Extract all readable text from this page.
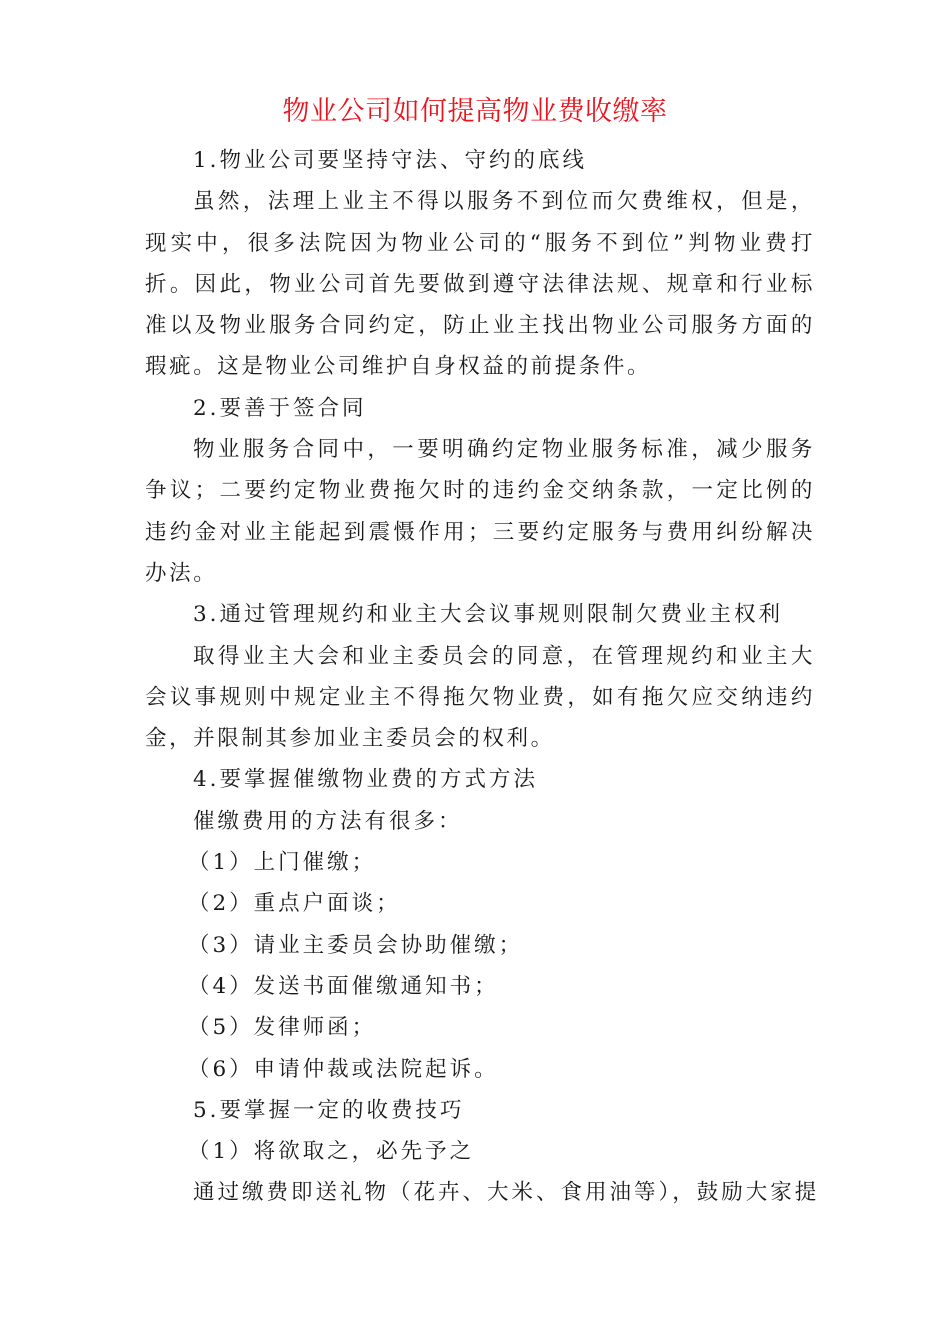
物业公司如何提高物业费收缴率

1.物业公司要坚持守法、守约的底线

虽然，法理上业主不得以服务不到位而欠费维权，但是，现实中，很多法院因为物业公司的“服务不到位”判物业费打折。因此，物业公司首先要做到遵守法律法规、规章和行业标准以及物业服务合同约定，防止业主找出物业公司服务方面的瑕疵。这是物业公司维护自身权益的前提条件。

2.要善于签合同

物业服务合同中，一要明确约定物业服务标准，减少服务争议；二要约定物业费拖欠时的违约金交纳条款，一定比例的违约金对业主能起到震慑作用；三要约定服务与费用纠纷解决办法。

3.通过管理规约和业主大会议事规则限制欠费业主权利

取得业主大会和业主委员会的同意，在管理规约和业主大会议事规则中规定业主不得拖欠物业费，如有拖欠应交纳违约金，并限制其参加业主委员会的权利。

4.要掌握催缴物业费的方式方法

催缴费用的方法有很多：

（1）上门催缴；

（2）重点户面谈；

（3）请业主委员会协助催缴；

（4）发送书面催缴通知书；

（5）发律师函；

（6）申请仲裁或法院起诉。

5.要掌握一定的收费技巧

（1）将欲取之，必先予之

通过缴费即送礼物（花卉、大米、食用油等），鼓励大家提
